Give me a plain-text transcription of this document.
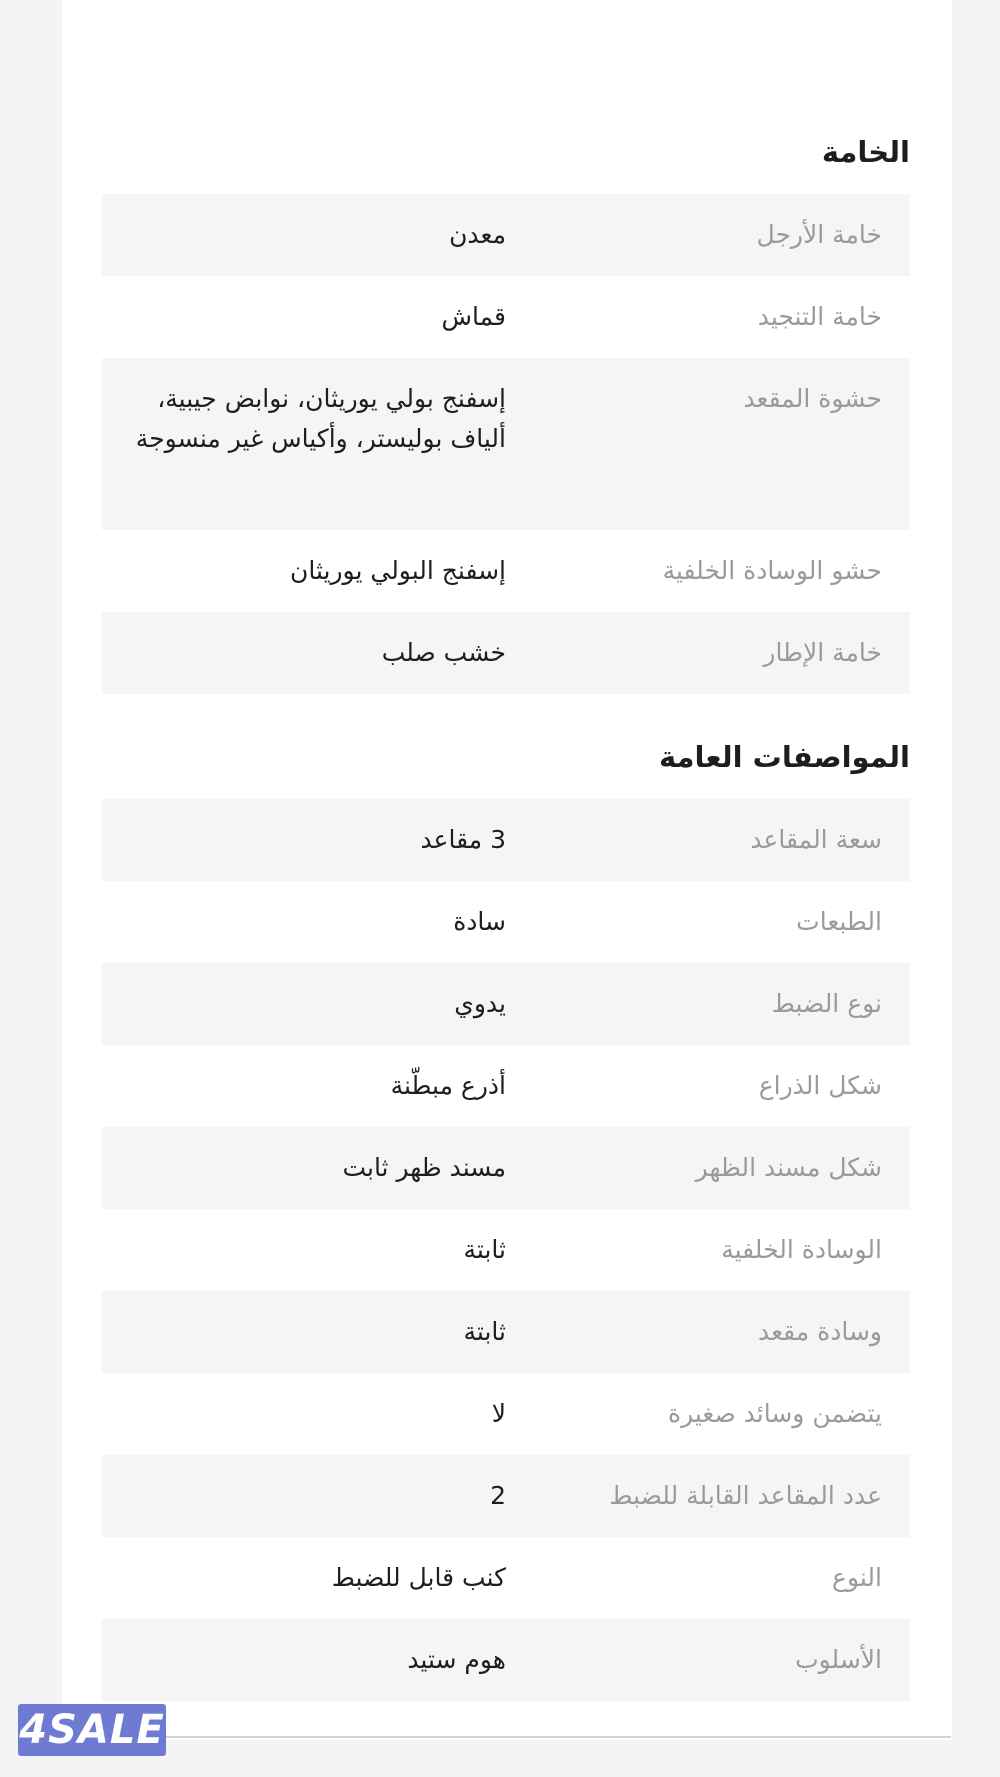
الخامة
خامة الأرجل
معدن
خامة التنجيد
قماش
حشوة المقعد
إسفنج بولي يوريثان، نوابض جيبية، ألياف بوليستر، وأكياس غير منسوجة
حشو الوسادة الخلفية
إسفنج البولي يوريثان
خامة الإطار
خشب صلب
المواصفات العامة
سعة المقاعد
3 مقاعد
الطبعات
سادة
نوع الضبط
يدوي
شكل الذراع
أذرع مبطّنة
شكل مسند الظهر
مسند ظهر ثابت
الوسادة الخلفية
ثابتة
وسادة مقعد
ثابتة
يتضمن وسائد صغيرة
لا
عدد المقاعد القابلة للضبط
2
النوع
كنب قابل للضبط
الأسلوب
هوم ستيد
4SALE
